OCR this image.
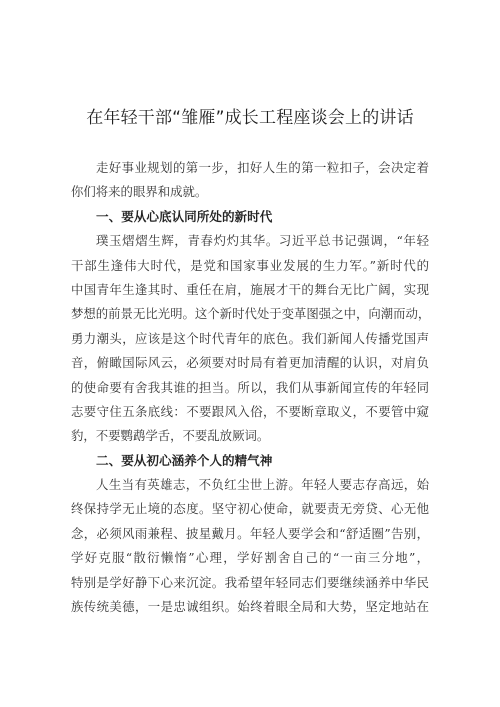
在年轻干部“雏雁”成长工程座谈会上的讲话
走好事业规划的第一步，扣好人生的第一粒扣子，会决定着
你们将来的眼界和成就。
一、要从心底认同所处的新时代
璞玉熠熠生辉，青春灼灼其华。习近平总书记强调，“年轻
干部生逢伟大时代，是党和国家事业发展的生力军。”新时代的
中国青年生逢其时、重任在肩，施展才干的舞台无比广阔，实现
梦想的前景无比光明。这个新时代处于变革图强之中，向潮而动，
勇力潮头，应该是这个时代青年的底色。我们新闻人传播党国声
音，俯瞰国际风云，必须要对时局有着更加清醒的认识，对肩负
的使命要有舍我其谁的担当。所以，我们从事新闻宣传的年轻同
志要守住五条底线：不要跟风入俗，不要断章取义，不要管中窥
豹，不要鹦鹉学舌，不要乱放厥词。
二、要从初心涵养个人的精气神
人生当有英雄志，不负红尘世上游。年轻人要志存高远，始
终保持学无止境的态度。坚守初心使命，就要责无旁贷、心无他
念，必须风雨兼程、披星戴月。年轻人要学会和“舒适圈”告别，
学好克服“散衍懒惰”心理，学好割舍自己的“一亩三分地”，
特别是学好静下心来沉淀。我希望年轻同志们要继续涵养中华民
族传统美德，一是忠诚组织。始终着眼全局和大势，坚定地站在
